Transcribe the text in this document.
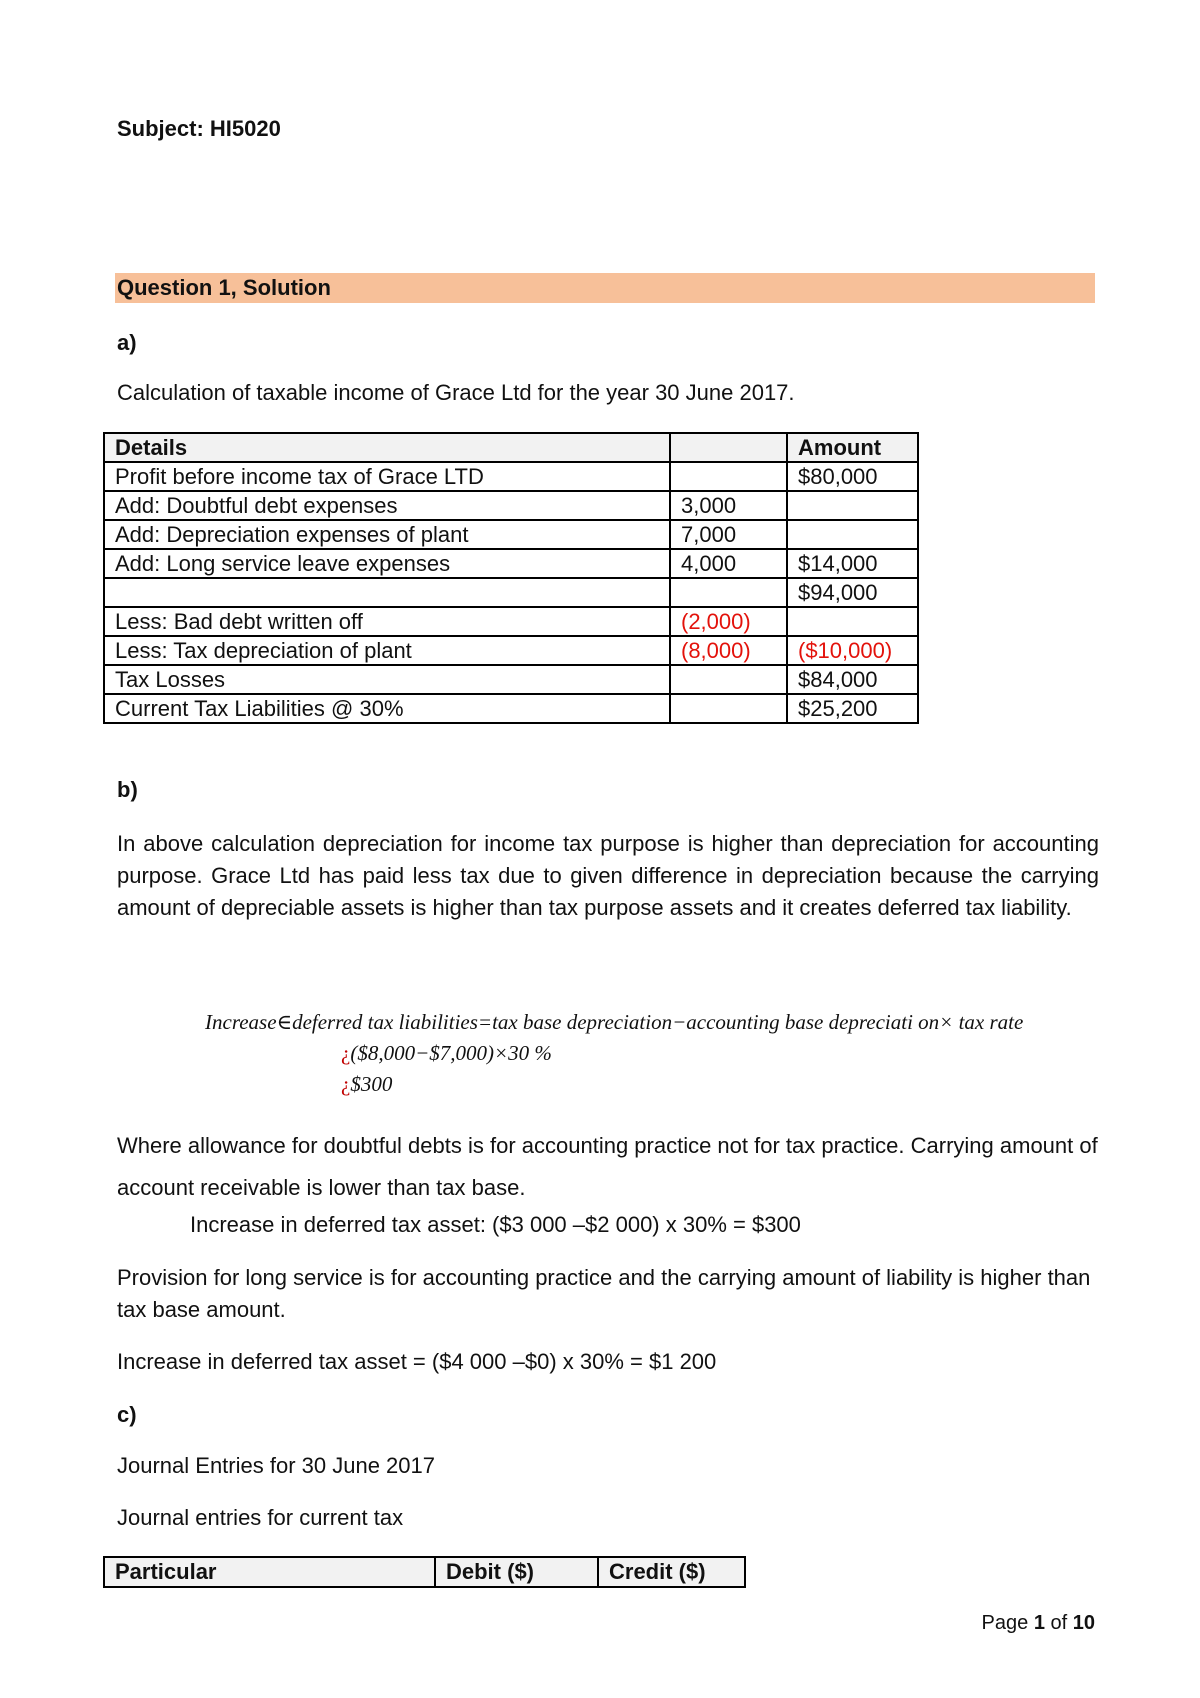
Subject: HI5020
Question 1, Solution
a)
Calculation of taxable income of Grace Ltd for the year 30 June 2017.
Details		Amount
Profit before income tax of Grace LTD		$80,000
Add: Doubtful debt expenses	3,000	
Add: Depreciation expenses of plant	7,000	
Add: Long service leave expenses	4,000	$14,000
		$94,000
Less: Bad debt written off	(2,000)	
Less: Tax depreciation of plant	(8,000)	($10,000)
Tax Losses		$84,000
Current Tax Liabilities @ 30%		$25,200
b)
In above calculation depreciation for income tax purpose is higher than depreciation for accounting purpose. Grace Ltd has paid less tax due to given difference in depreciation because the carrying amount of depreciable assets is higher than tax purpose assets and it creates deferred tax liability.
Increase∈deferred tax liabilities=tax base depreciation−accounting base depreciati on× tax rate
¿($8,000−$7,000)×30 %
¿$300
Where allowance for doubtful debts is for accounting practice not for tax practice. Carrying amount of account receivable is lower than tax base.
Increase in deferred tax asset: ($3 000 –$2 000) x 30% = $300
Provision for long service is for accounting practice and the carrying amount of liability is higher than tax base amount.
Increase in deferred tax asset = ($4 000 –$0) x 30% = $1 200
c)
Journal Entries for 30 June 2017
Journal entries for current tax
Particular	Debit ($)	Credit ($)
Page 1 of 10
